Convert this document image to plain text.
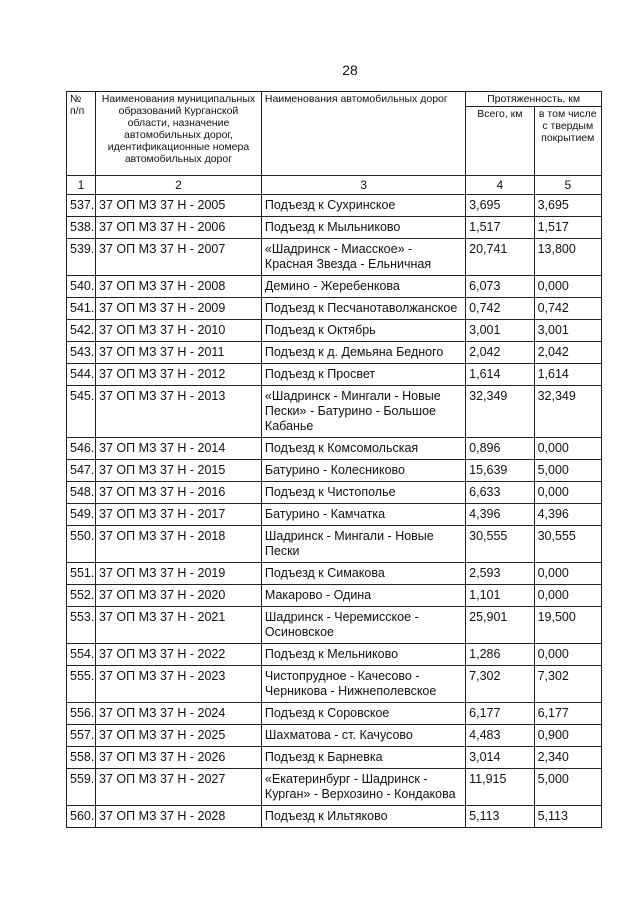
28
№ п/п	Наименования муниципальных образований Курганской области, назначение автомобильных дорог, идентификационные номера автомобильных дорог	Наименования автомобильных дорог	Протяженность, км	
			Всего, км	в том числе с твердым покрытием
1	2	3	4	5
537.	37 ОП МЗ 37 Н - 2005	Подъезд к Сухринское	3,695	3,695
538.	37 ОП МЗ 37 Н - 2006	Подъезд к Мыльниково	1,517	1,517
539.	37 ОП МЗ 37 Н - 2007	«Шадринск - Миасское» - Красная Звезда - Ельничная	20,741	13,800
540.	37 ОП МЗ 37 Н - 2008	Демино - Жеребенкова	6,073	0,000
541.	37 ОП МЗ 37 Н - 2009	Подъезд к Песчанотаволжанское	0,742	0,742
542.	37 ОП МЗ 37 Н - 2010	Подъезд к Октябрь	3,001	3,001
543.	37 ОП МЗ 37 Н - 2011	Подъезд к д. Демьяна Бедного	2,042	2,042
544.	37 ОП МЗ 37 Н - 2012	Подъезд к Просвет	1,614	1,614
545.	37 ОП МЗ 37 Н - 2013	«Шадринск - Мингали - Новые Пески» - Батурино - Большое Кабанье	32,349	32,349
546.	37 ОП МЗ 37 Н - 2014	Подъезд к Комсомольская	0,896	0,000
547.	37 ОП МЗ 37 Н - 2015	Батурино - Колесниково	15,639	5,000
548.	37 ОП МЗ 37 Н - 2016	Подъезд к Чистополье	6,633	0,000
549.	37 ОП МЗ 37 Н - 2017	Батурино - Камчатка	4,396	4,396
550.	37 ОП МЗ 37 Н - 2018	Шадринск - Мингали - Новые Пески	30,555	30,555
551.	37 ОП МЗ 37 Н - 2019	Подъезд к Симакова	2,593	0,000
552.	37 ОП МЗ 37 Н - 2020	Макарово - Одина	1,101	0,000
553.	37 ОП МЗ 37 Н - 2021	Шадринск - Черемисское - Осиновское	25,901	19,500
554.	37 ОП МЗ 37 Н - 2022	Подъезд к Мельниково	1,286	0,000
555.	37 ОП МЗ 37 Н - 2023	Чистопрудное - Качесово - Черникова - Нижнеполевское	7,302	7,302
556.	37 ОП МЗ 37 Н - 2024	Подъезд к Соровское	6,177	6,177
557.	37 ОП МЗ 37 Н - 2025	Шахматова - ст. Качусово	4,483	0,900
558.	37 ОП МЗ 37 Н - 2026	Подъезд к Барневка	3,014	2,340
559.	37 ОП МЗ 37 Н - 2027	«Екатеринбург - Шадринск - Курган» - Верхозино - Кондакова	11,915	5,000
560.	37 ОП МЗ 37 Н - 2028	Подъезд к Ильтяково	5,113	5,113
